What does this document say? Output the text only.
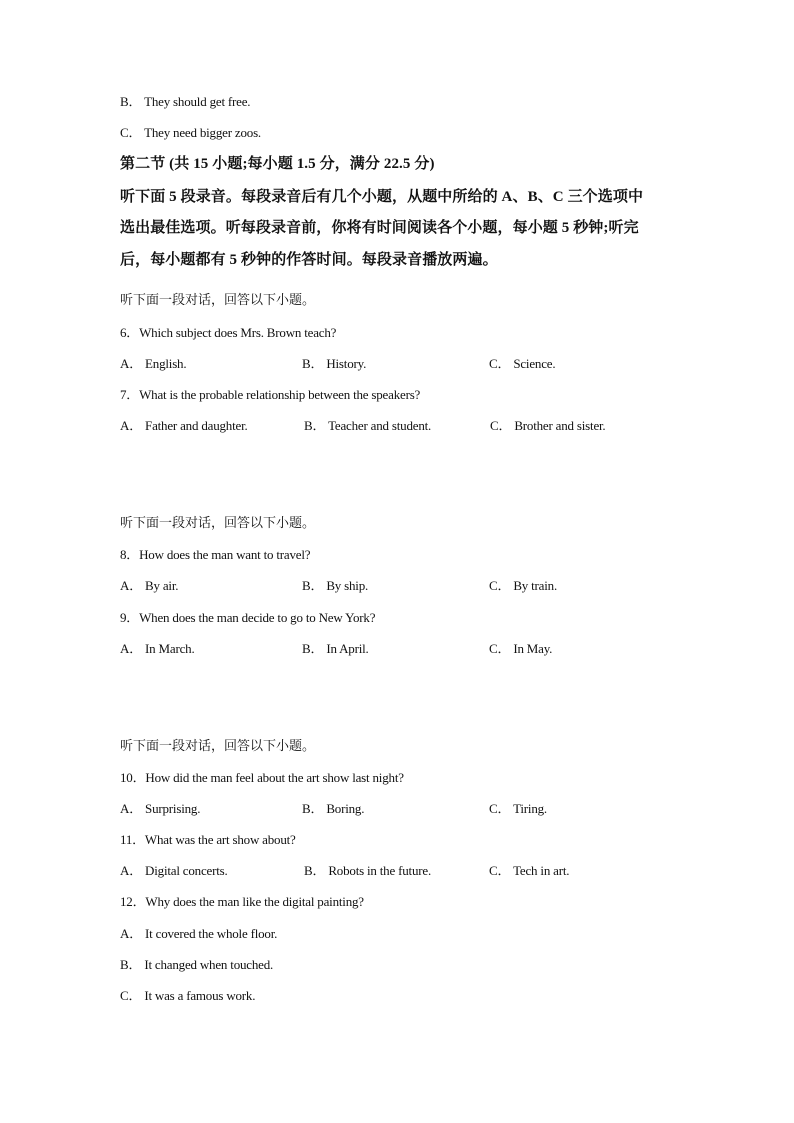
B． They should get free.
C． They need bigger zoos.
第二节 (共 15 小题;每小题 1.5 分，满分 22.5 分)
听下面 5 段录音。每段录音后有几个小题，从题中所给的 A、B、C 三个选项中
选出最佳选项。听每段录音前，你将有时间阅读各个小题，每小题 5 秒钟;听完
后，每小题都有 5 秒钟的作答时间。每段录音播放两遍。
听下面一段对话，回答以下小题。
6．Which subject does Mrs. Brown teach?
A． English.	B． History.	C． Science.
7．What is the probable relationship between the speakers?
A． Father and daughter.	B． Teacher and student.	C． Brother and sister.
听下面一段对话，回答以下小题。
8．How does the man want to travel?
A． By air.	B． By ship.	C． By train.
9．When does the man decide to go to New York?
A． In March.	B． In April.	C． In May.
听下面一段对话，回答以下小题。
10．How did the man feel about the art show last night?
A． Surprising.	B． Boring.	C． Tiring.
11．What was the art show about?
A． Digital concerts.	B． Robots in the future.	C． Tech in art.
12．Why does the man like the digital painting?
A． It covered the whole floor.
B． It changed when touched.
C． It was a famous work.
